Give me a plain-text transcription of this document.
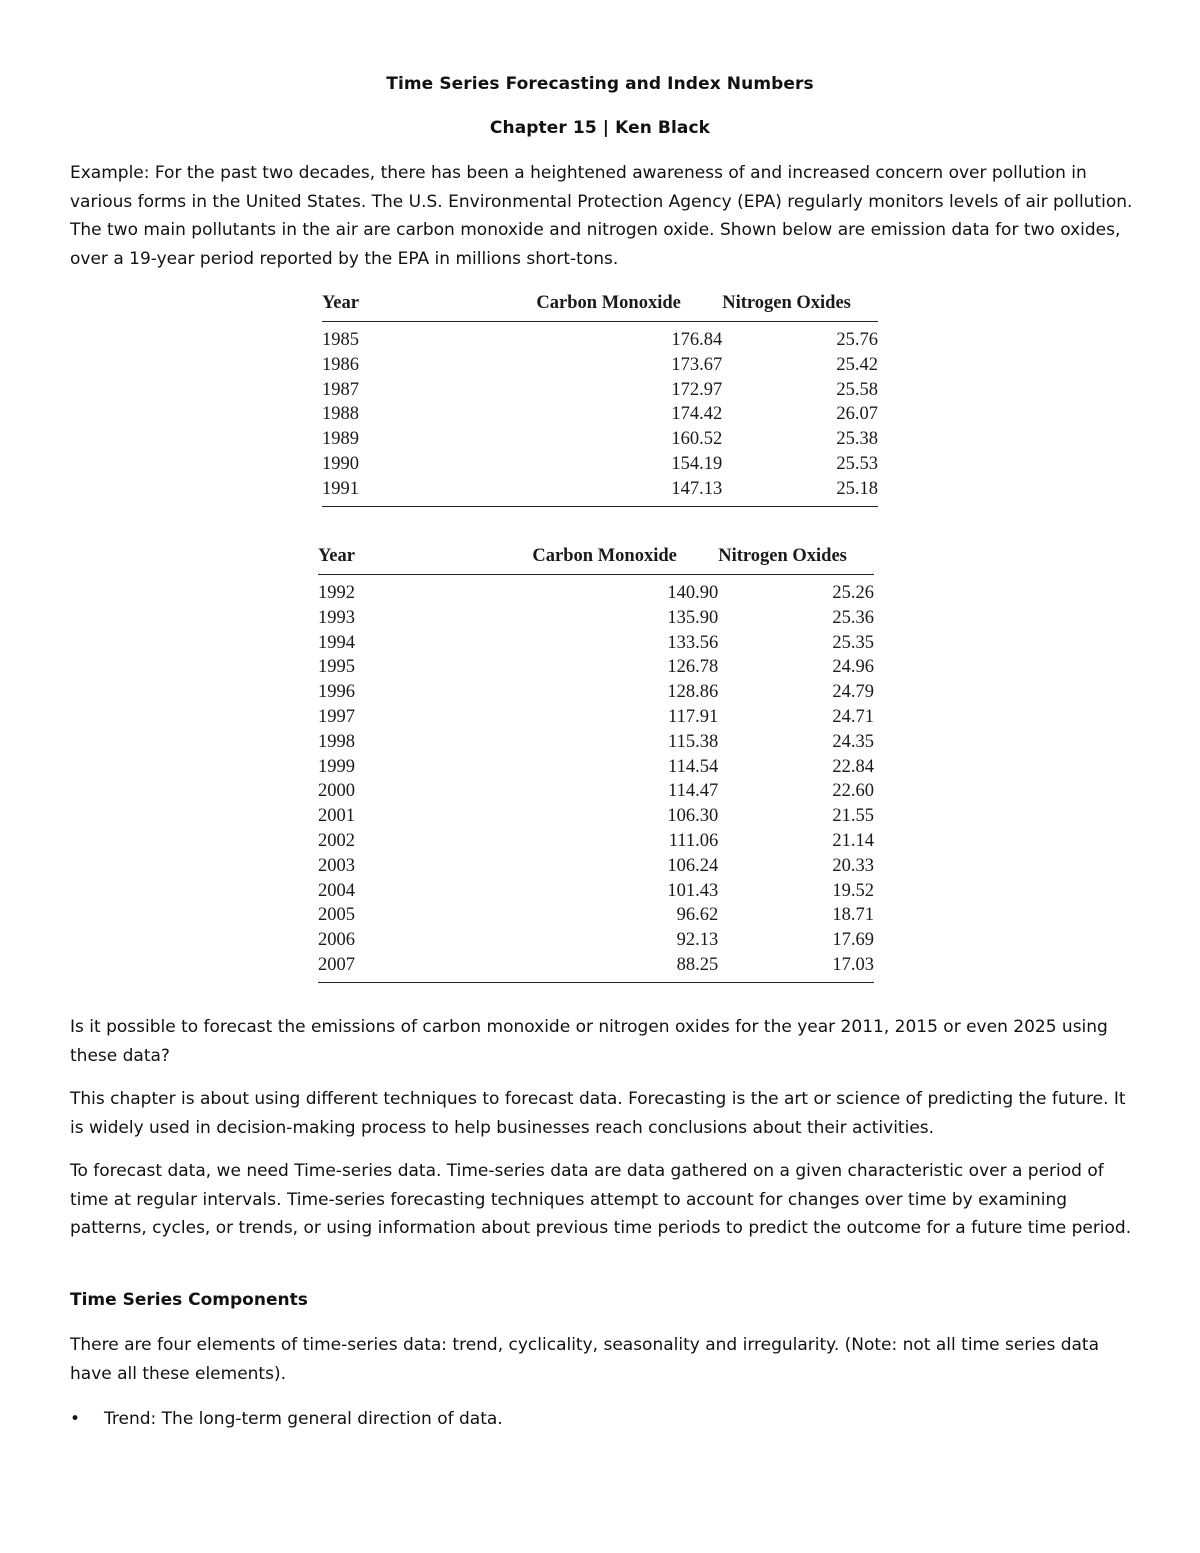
Time Series Forecasting and Index Numbers
Chapter 15 | Ken Black

Example: For the past two decades, there has been a heightened awareness of and increased concern over pollution in various forms in the United States. The U.S. Environmental Protection Agency (EPA) regularly monitors levels of air pollution. The two main pollutants in the air are carbon monoxide and nitrogen oxide. Shown below are emission data for two oxides, over a 19-year period reported by the EPA in millions short-tons.

Year	Carbon Monoxide	Nitrogen Oxides
1985	176.84	25.76
1986	173.67	25.42
1987	172.97	25.58
1988	174.42	26.07
1989	160.52	25.38
1990	154.19	25.53
1991	147.13	25.18
Year	Carbon Monoxide	Nitrogen Oxides
1992	140.90	25.26
1993	135.90	25.36
1994	133.56	25.35
1995	126.78	24.96
1996	128.86	24.79
1997	117.91	24.71
1998	115.38	24.35
1999	114.54	22.84
2000	114.47	22.60
2001	106.30	21.55
2002	111.06	21.14
2003	106.24	20.33
2004	101.43	19.52
2005	96.62	18.71
2006	92.13	17.69
2007	88.25	17.03

Is it possible to forecast the emissions of carbon monoxide or nitrogen oxides for the year 2011, 2015 or even 2025 using these data?

This chapter is about using different techniques to forecast data. Forecasting is the art or science of predicting the future. It is widely used in decision-making process to help businesses reach conclusions about their activities.

To forecast data, we need Time-series data. Time-series data are data gathered on a given characteristic over a period of time at regular intervals. Time-series forecasting techniques attempt to account for changes over time by examining patterns, cycles, or trends, or using information about previous time periods to predict the outcome for a future time period.

Time Series Components

There are four elements of time-series data: trend, cyclicality, seasonality and irregularity. (Note: not all time series data have all these elements).

• Trend: The long-term general direction of data.
